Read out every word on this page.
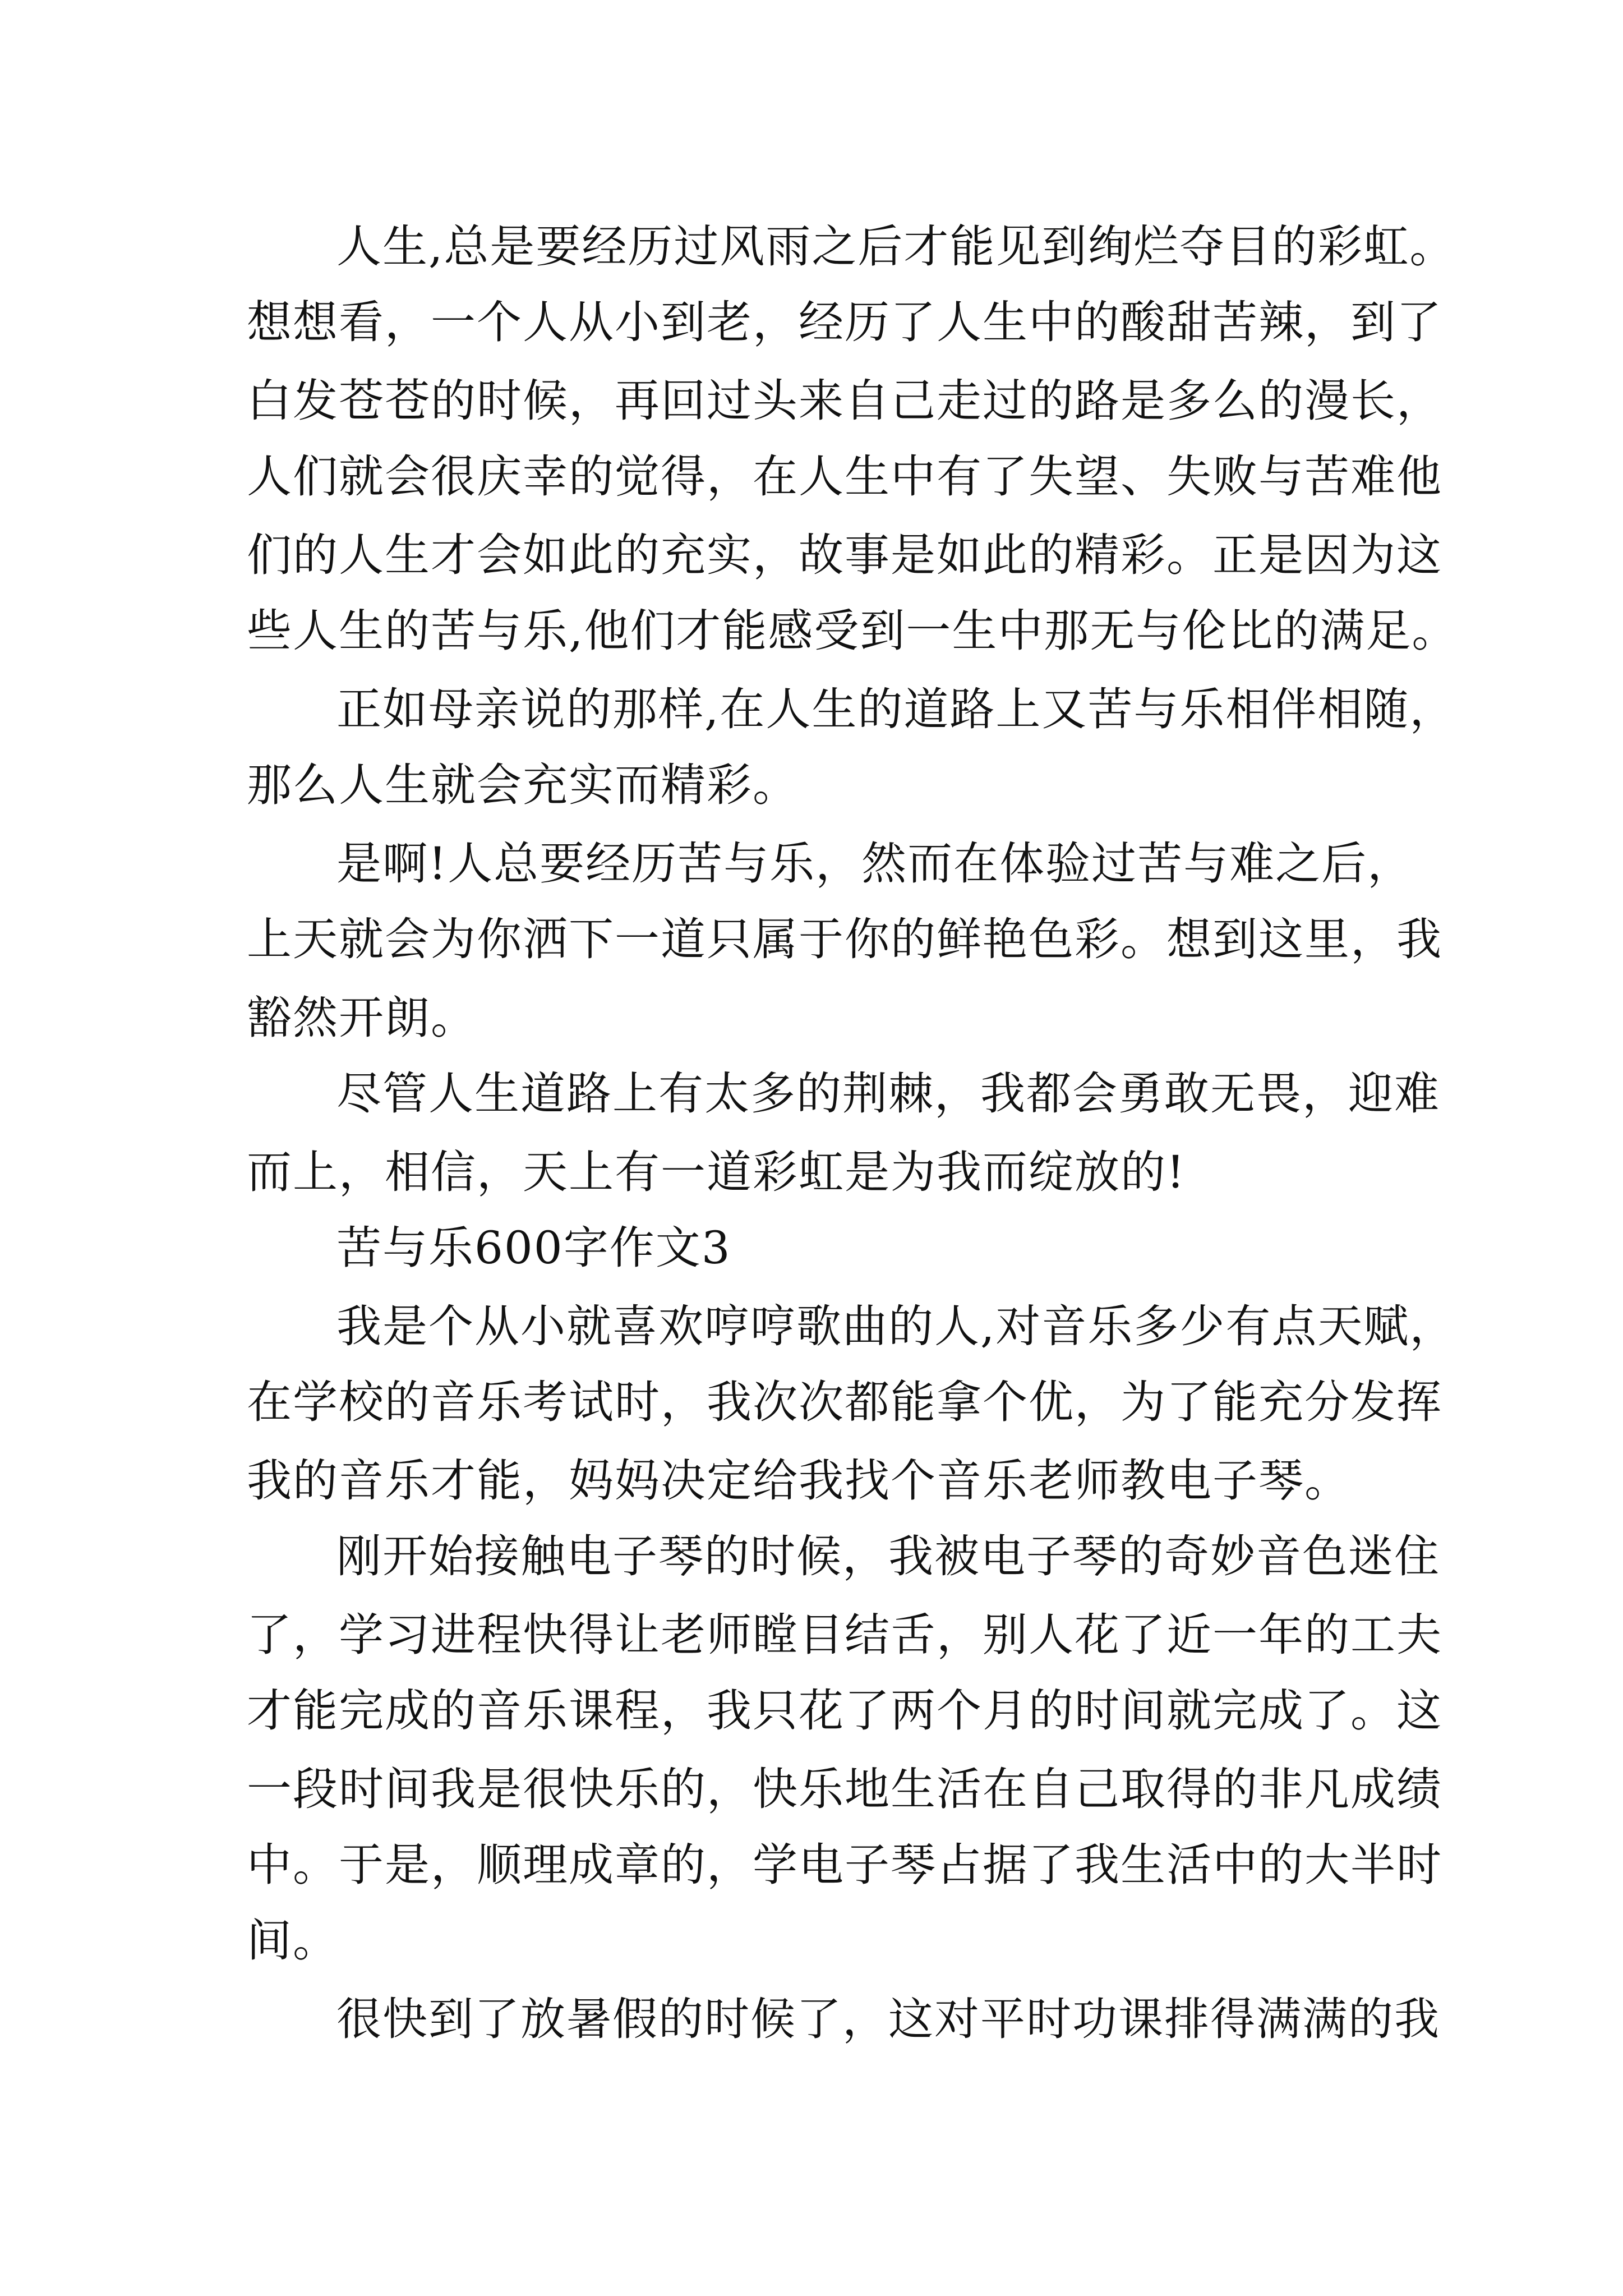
人生,总是要经历过风雨之后才能见到绚烂夺目的彩虹。
想想看，一个人从小到老，经历了人生中的酸甜苦辣，到了
白发苍苍的时候，再回过头来自己走过的路是多么的漫长，
人们就会很庆幸的觉得，在人生中有了失望、失败与苦难他
们的人生才会如此的充实，故事是如此的精彩。正是因为这
些人生的苦与乐,他们才能感受到一生中那无与伦比的满足。
正如母亲说的那样,在人生的道路上又苦与乐相伴相随，
那么人生就会充实而精彩。
是啊!人总要经历苦与乐，然而在体验过苦与难之后，
上天就会为你洒下一道只属于你的鲜艳色彩。想到这里，我
豁然开朗。
尽管人生道路上有太多的荆棘，我都会勇敢无畏，迎难
而上，相信，天上有一道彩虹是为我而绽放的!
苦与乐600字作文3
我是个从小就喜欢哼哼歌曲的人,对音乐多少有点天赋，
在学校的音乐考试时，我次次都能拿个优，为了能充分发挥
我的音乐才能，妈妈决定给我找个音乐老师教电子琴。
刚开始接触电子琴的时候，我被电子琴的奇妙音色迷住
了，学习进程快得让老师瞠目结舌，别人花了近一年的工夫
才能完成的音乐课程，我只花了两个月的时间就完成了。这
一段时间我是很快乐的，快乐地生活在自己取得的非凡成绩
中。于是，顺理成章的，学电子琴占据了我生活中的大半时
间。
很快到了放暑假的时候了，这对平时功课排得满满的我
